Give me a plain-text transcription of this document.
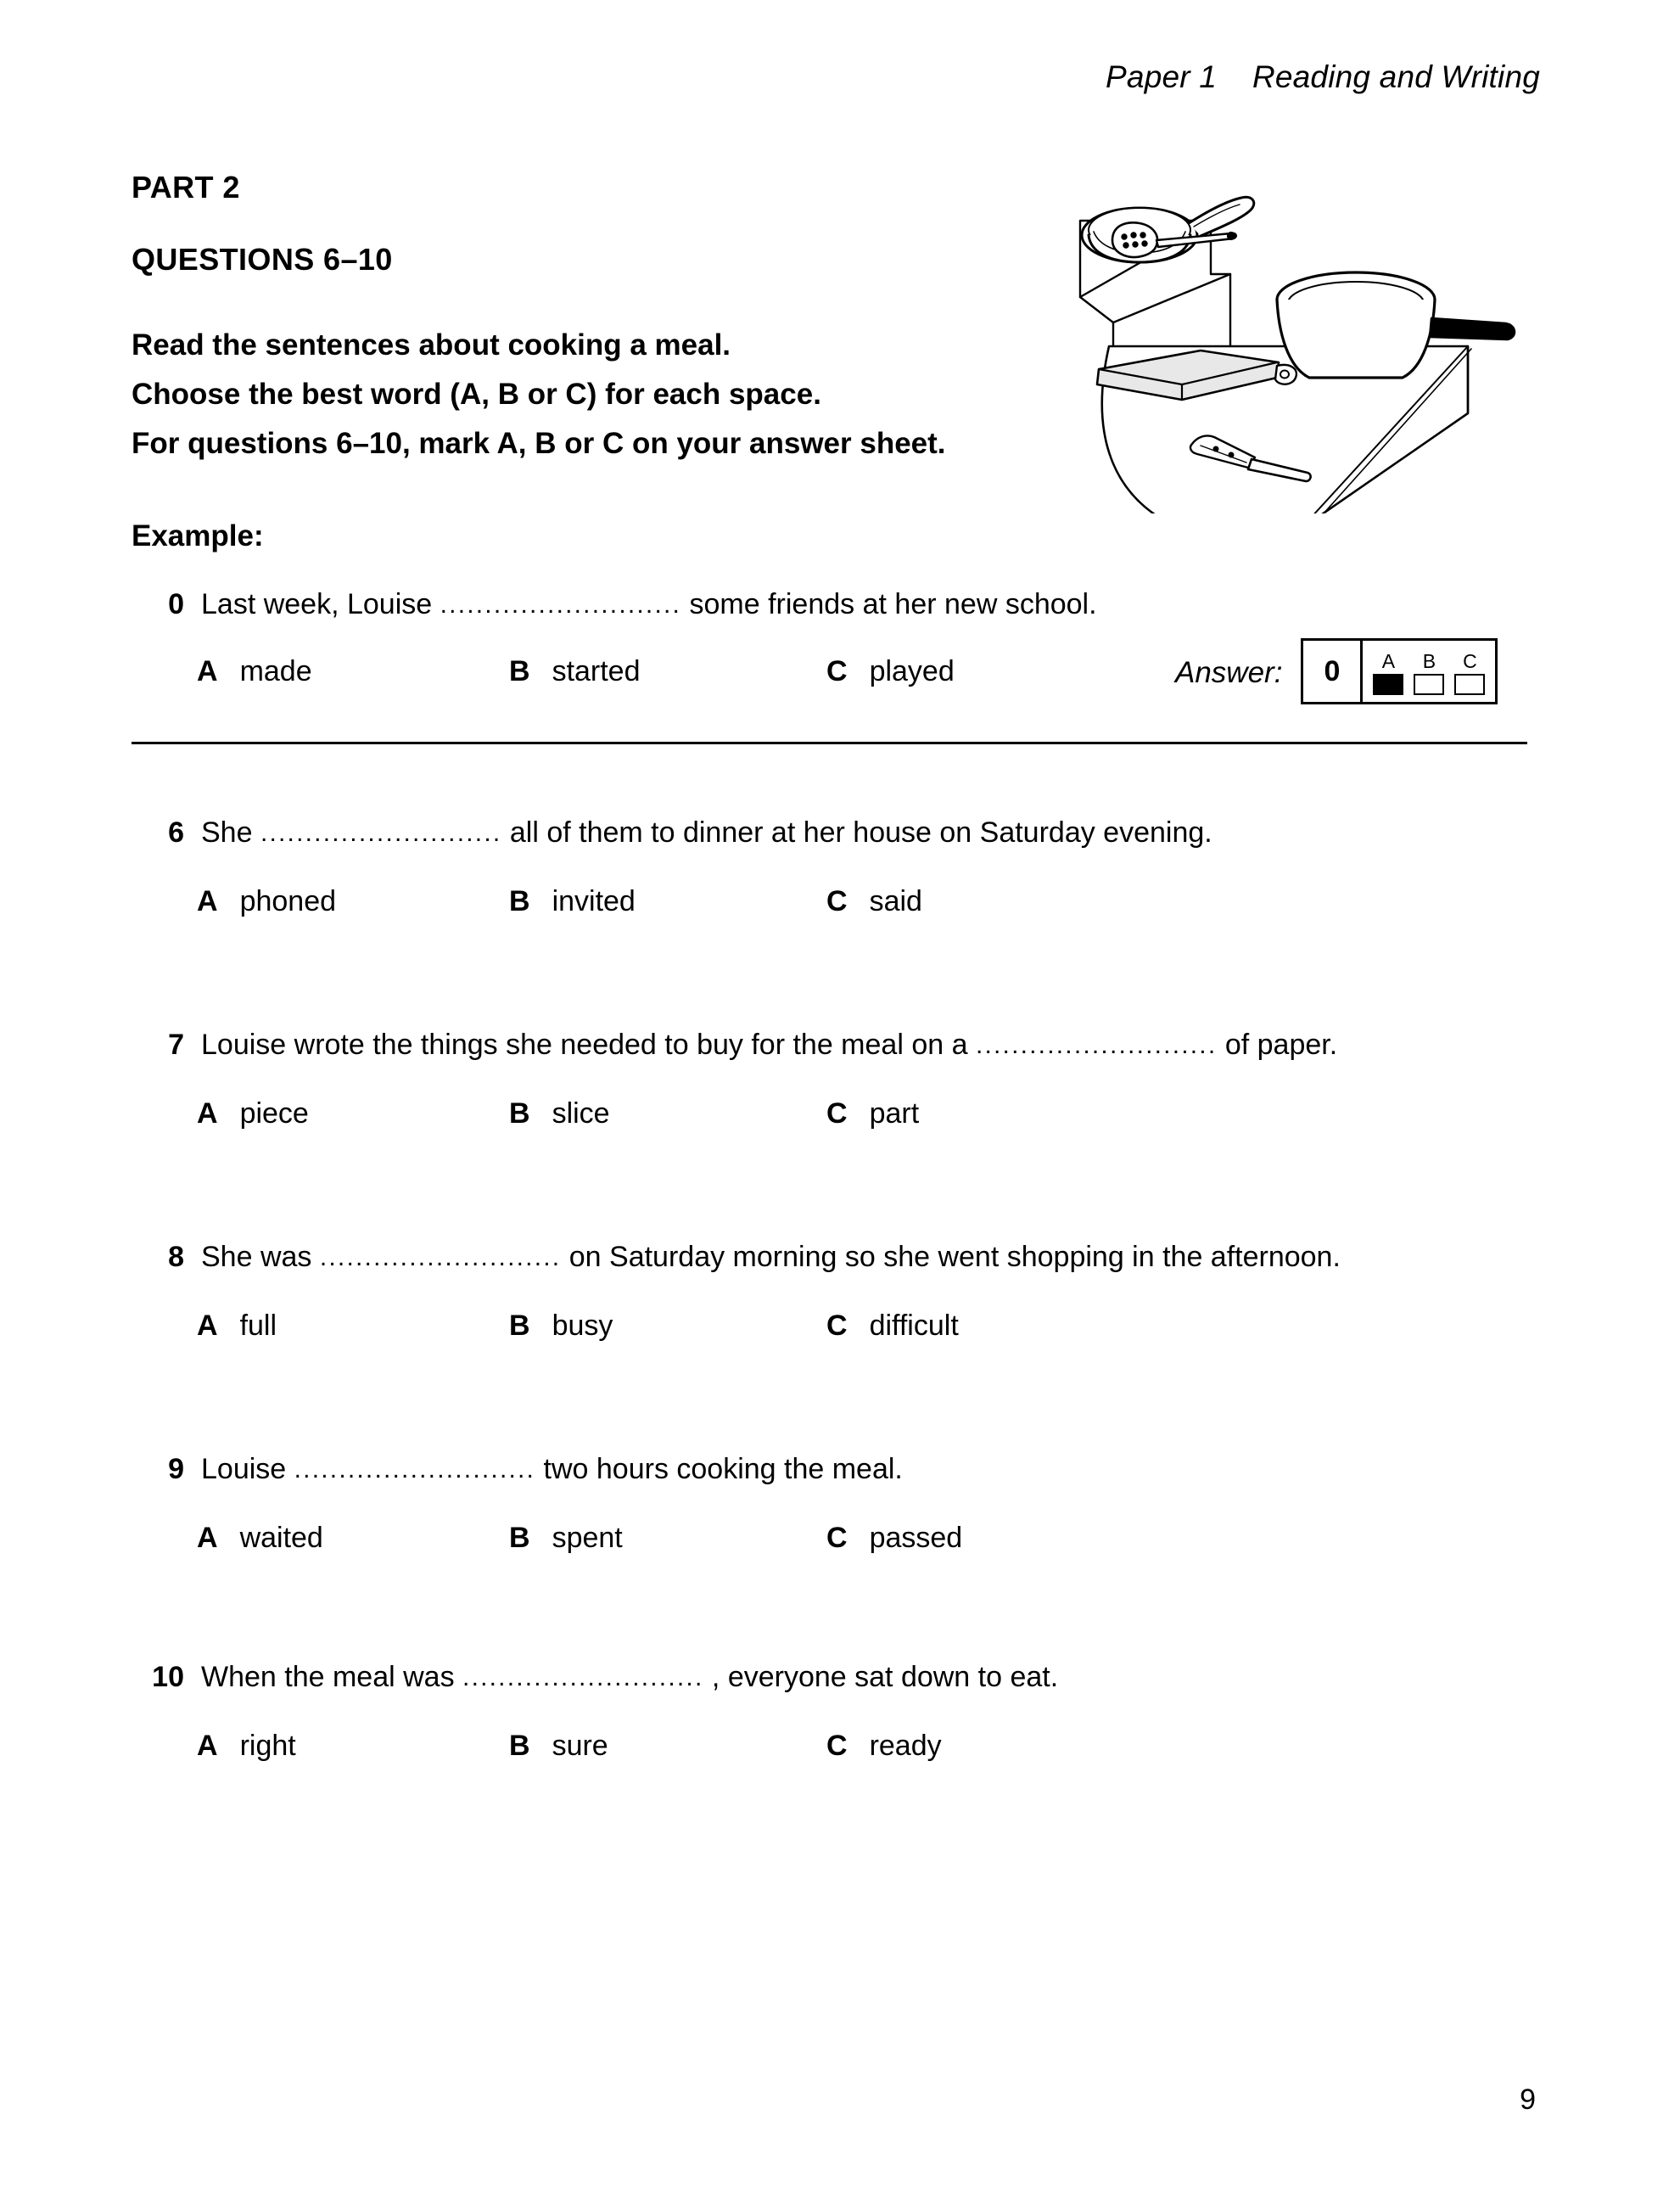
Paper 1    Reading and Writing
PART 2
QUESTIONS 6–10
Read the sentences about cooking a meal.
Choose the best word (A, B or C) for each space.
For questions 6–10, mark A, B or C on your answer sheet.
Example:
0 Last week, Louise ........................... some friends at her new school.
A made	B started	C played	Answer:	0	A B C
6 She ........................... all of them to dinner at her house on Saturday evening.
A phoned	B invited	C said
7 Louise wrote the things she needed to buy for the meal on a ........................... of paper.
A piece	B slice	C part
8 She was ........................... on Saturday morning so she went shopping in the afternoon.
A full	B busy	C difficult
9 Louise ........................... two hours cooking the meal.
A waited	B spent	C passed
10 When the meal was ........................... , everyone sat down to eat.
A right	B sure	C ready
9
